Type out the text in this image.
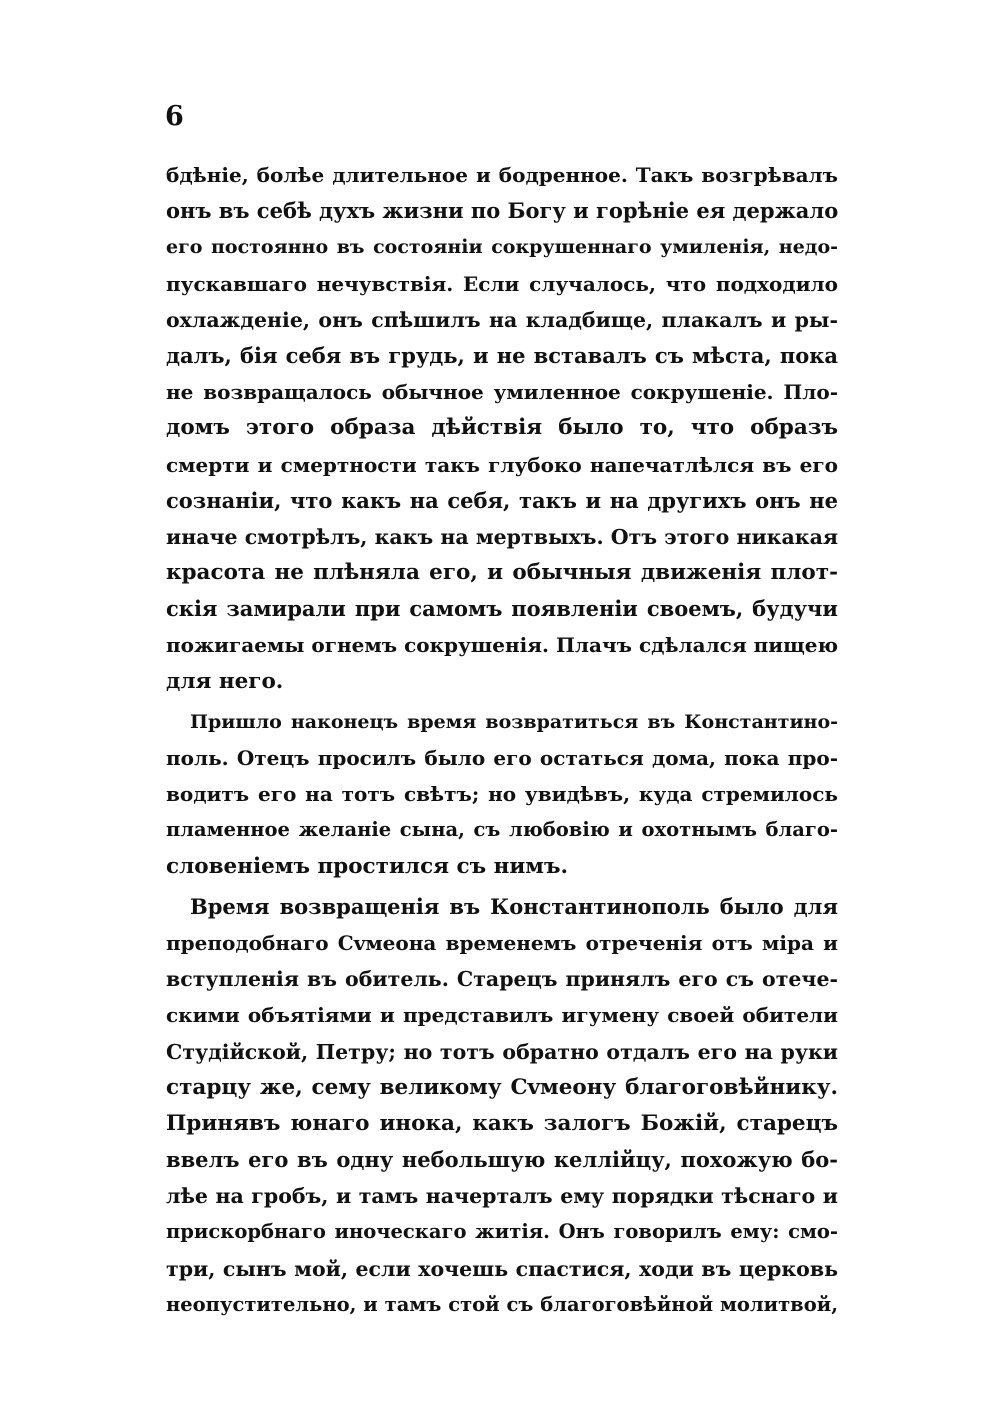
6
бдѣніе, болѣе длительное и бодренное. Такъ возгрѣвалъ
онъ въ себѣ духъ жизни по Богу и горѣніе ея держало
его постоянно въ состояніи сокрушеннаго умиленія, недо-
пускавшаго нечувствія. Если случалось, что подходило
охлажденіе, онъ спѣшилъ на кладбище, плакалъ и ры-
далъ, бія себя въ грудь, и не вставалъ съ мѣста, пока
не возвращалось обычное умиленное сокрушеніе. Пло-
домъ этого образа дѣйствія было то, что образъ
смерти и смертности такъ глубоко напечатлѣлся въ его
сознаніи, что какъ на себя, такъ и на другихъ онъ не
иначе смотрѣлъ, какъ на мертвыхъ. Отъ этого никакая
красота не плѣняла его, и обычныя движенія плот-
скія замирали при самомъ появленіи своемъ, будучи
пожигаемы огнемъ сокрушенія. Плачъ сдѣлался пищею
для него.
Пришло наконецъ время возвратиться въ Константино-
поль. Отецъ просилъ было его остаться дома, пока про-
водитъ его на тотъ свѣтъ; но увидѣвъ, куда стремилось
пламенное желаніе сына, съ любовію и охотнымъ благо-
словеніемъ простился съ нимъ.
Время возвращенія въ Константинополь было для
преподобнаго Сvмеона временемъ отреченія отъ міра и
вступленія въ обитель. Старецъ принялъ его съ отече-
скими объятіями и представилъ игумену своей обители
Студійской, Петру; но тотъ обратно отдалъ его на руки
старцу же, сему великому Сvмеону благоговѣйнику.
Принявъ юнаго инока, какъ залогъ Божій, старецъ
ввелъ его въ одну небольшую келлійцу, похожую бо-
лѣе на гробъ, и тамъ начерталъ ему порядки тѣснаго и
прискорбнаго иноческаго житія. Онъ говорилъ ему: смо-
три, сынъ мой, если хочешь спастися, ходи въ церковь
неопустительно, и тамъ стой съ благоговѣйной молитвой,
